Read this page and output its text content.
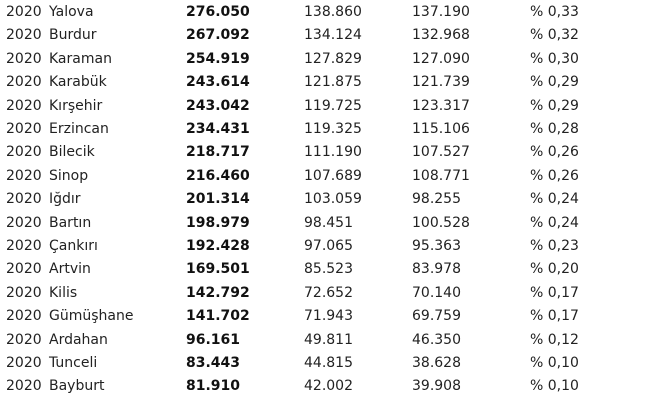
2020 Yalova	276.050	138.860	137.190	% 0,33
2020 Burdur	267.092	134.124	132.968	% 0,32
2020 Karaman	254.919	127.829	127.090	% 0,30
2020 Karabük	243.614	121.875	121.739	% 0,29
2020 Kırşehir	243.042	119.725	123.317	% 0,29
2020 Erzincan	234.431	119.325	115.106	% 0,28
2020 Bilecik	218.717	111.190	107.527	% 0,26
2020 Sinop	216.460	107.689	108.771	% 0,26
2020 Iğdır	201.314	103.059	98.255	% 0,24
2020 Bartın	198.979	98.451	100.528	% 0,24
2020 Çankırı	192.428	97.065	95.363	% 0,23
2020 Artvin	169.501	85.523	83.978	% 0,20
2020 Kilis	142.792	72.652	70.140	% 0,17
2020 Gümüşhane	141.702	71.943	69.759	% 0,17
2020 Ardahan	96.161	49.811	46.350	% 0,12
2020 Tunceli	83.443	44.815	38.628	% 0,10
2020 Bayburt	81.910	42.002	39.908	% 0,10
